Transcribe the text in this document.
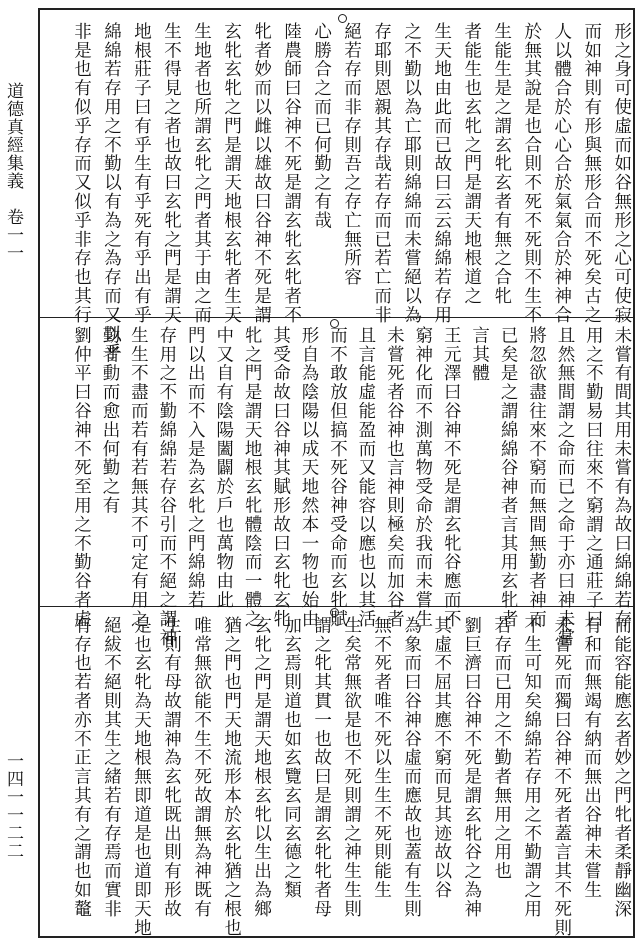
道德真經集義　卷一一
一四一一二二
形之身可使虛而如谷無形之心可使寂
而如神則有形與無形合而不死矣古之
人以體合於心心合於氣氣合於神神合
於無其說是也合則不死不死則不生不
生能生是之謂玄牝玄者有無之合牝
者能生也玄牝之門是謂天地根道之
生天地由此而已故曰云云綿綿若存用
之不勤以為亡耶則綿綿而未嘗絕以為
存耶則恩親其存哉若存而已若亡而非
絕若存而非存則吾之存亡無所容
心勝合之而已何勤之有哉
陸農師曰谷神不死是謂玄牝玄牝者不
牝者妙而以雌以雄故曰谷神不死是謂
玄牝玄牝之門是謂天地根玄牝者生天
生地者也所謂玄牝之門者其于由之而
生不得見之者也故曰玄牝之門是謂天
地根莊子曰有乎生有乎死有乎出有乎
綿綿若存用之不勤以有為之為存而又以乎
非是也有似乎存而又似乎非存也其行
未嘗有間其用未嘗有為故曰綿綿若存
用之不勤易曰往來不窮謂之通莊子曰
且然無間謂之命而已之命于亦曰神未嘗
將忽欲盡往來不窮而無間無勤者神而
已矣是之謂綿綿谷神者言其用玄牝者
言其體
王元澤曰谷神不死是謂玄牝谷應而不
窮神化而不測萬物受命於我而未嘗生
未嘗死者谷神也言神則極矣而加谷者
且言能虛能盈而又能容以應也以其活
而不敢放但搞不死谷神受命而玄牝賦
形自為陰陽以成天地然本一物也始由
其受命故曰谷神其賦形故曰玄牝玄牝
牝之門是謂天地根玄牝體陰而一體之
中又自有陰陽闔闢於戶也萬物由此
門以出而不入是為玄牝之門綿綿若
存用之不勤綿綿若存谷引而不絕之謂神
生生不盡而若有若無其不可定有用之
勤者動而愈出何勤之有
劉仲平曰谷神不死至用之不勤谷者虛
而能容能應玄者妙之門牝者柔靜幽深
有和而無竭有納而無出谷神未嘗生
未嘗死而獨曰谷神不死者蓋言其不死則
不生可知矣綿綿若存用之不勤謂之用
若存而已用之不勤者無用之用也
劉巨濟曰谷神不死是謂玄牝谷之為神
其虛不屈其應不窮而見其迹故以谷
為象而曰谷神谷虛而應故也蓋有生則
無不死者唯不死以生生不死則能生
生矣常無欲是也不死則謂之神生生則
謂之牝其貫一也故曰是謂玄牝牝者母
加玄焉則道也如玄覽玄同玄德之類
玄牝之門是謂天地根玄牝以生出為鄉
猶之門也門天地流形本於玄牝猶之根也
唯常無欲能不生不死故謂無為神既有
生則有母故謂神為玄牝既出則有形故
是也玄牝為天地根無即道是也道即天地
絕紱不絕則其生之緒若有存焉而實非
有存也若者亦不正言其有之謂也如鼇
